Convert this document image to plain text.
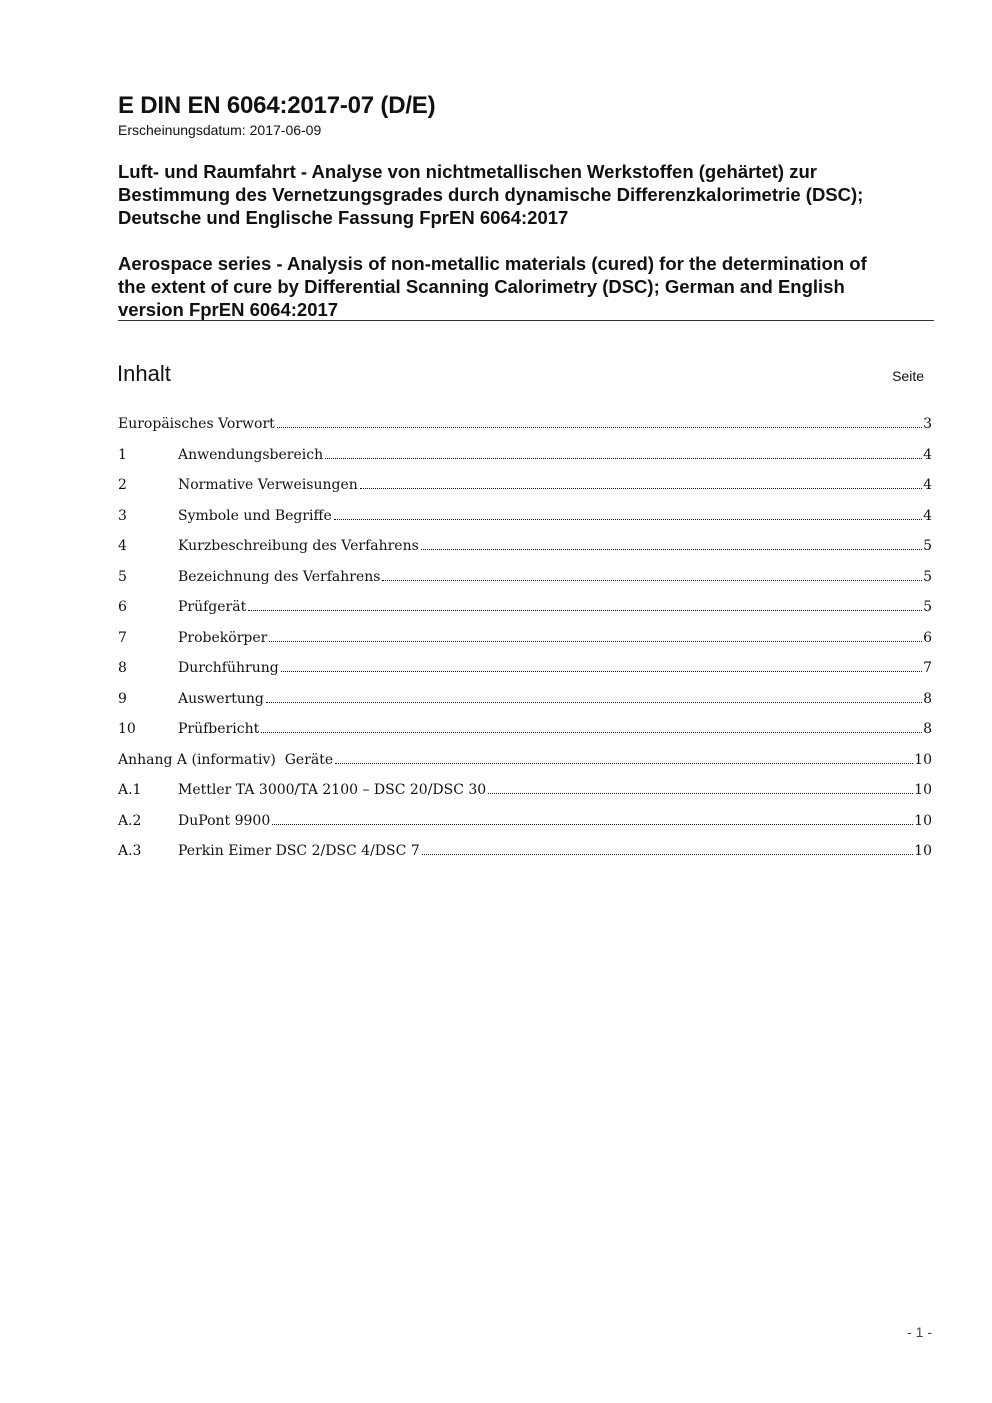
E DIN EN 6064:2017-07 (D/E)
Erscheinungsdatum: 2017-06-09
Luft- und Raumfahrt - Analyse von nichtmetallischen Werkstoffen (gehärtet) zur
Bestimmung des Vernetzungsgrades durch dynamische Differenzkalorimetrie (DSC);
Deutsche und Englische Fassung FprEN 6064:2017
Aerospace series - Analysis of non-metallic materials (cured) for the determination of
the extent of cure by Differential Scanning Calorimetry (DSC); German and English
version FprEN 6064:2017
Inhalt	Seite
Europäisches Vorwort	3
1	Anwendungsbereich	4
2	Normative Verweisungen	4
3	Symbole und Begriffe	4
4	Kurzbeschreibung des Verfahrens	5
5	Bezeichnung des Verfahrens	5
6	Prüfgerät	5
7	Probekörper	6
8	Durchführung	7
9	Auswertung	8
10	Prüfbericht	8
Anhang A (informativ)  Geräte	10
A.1	Mettler TA 3000/TA 2100 – DSC 20/DSC 30	10
A.2	DuPont 9900	10
A.3	Perkin Eimer DSC 2/DSC 4/DSC 7	10
- 1 -
